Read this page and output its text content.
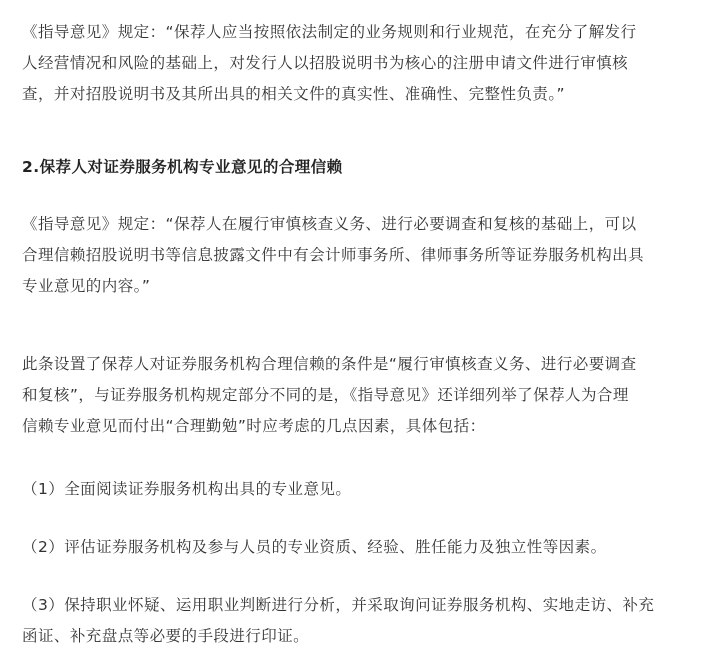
《指导意见》规定：“保荐人应当按照依法制定的业务规则和行业规范，在充分了解发行
人经营情况和风险的基础上，对发行人以招股说明书为核心的注册申请文件进行审慎核
查，并对招股说明书及其所出具的相关文件的真实性、准确性、完整性负责。”

2.保荐人对证券服务机构专业意见的合理信赖

《指导意见》规定：“保荐人在履行审慎核查义务、进行必要调查和复核的基础上，可以
合理信赖招股说明书等信息披露文件中有会计师事务所、律师事务所等证券服务机构出具
专业意见的内容。”

此条设置了保荐人对证券服务机构合理信赖的条件是“履行审慎核查义务、进行必要调查
和复核”，与证券服务机构规定部分不同的是，《指导意见》还详细列举了保荐人为合理
信赖专业意见而付出“合理勤勉”时应考虑的几点因素，具体包括：

（1）全面阅读证券服务机构出具的专业意见。

（2）评估证券服务机构及参与人员的专业资质、经验、胜任能力及独立性等因素。

（3）保持职业怀疑、运用职业判断进行分析，并采取询问证券服务机构、实地走访、补充
函证、补充盘点等必要的手段进行印证。
